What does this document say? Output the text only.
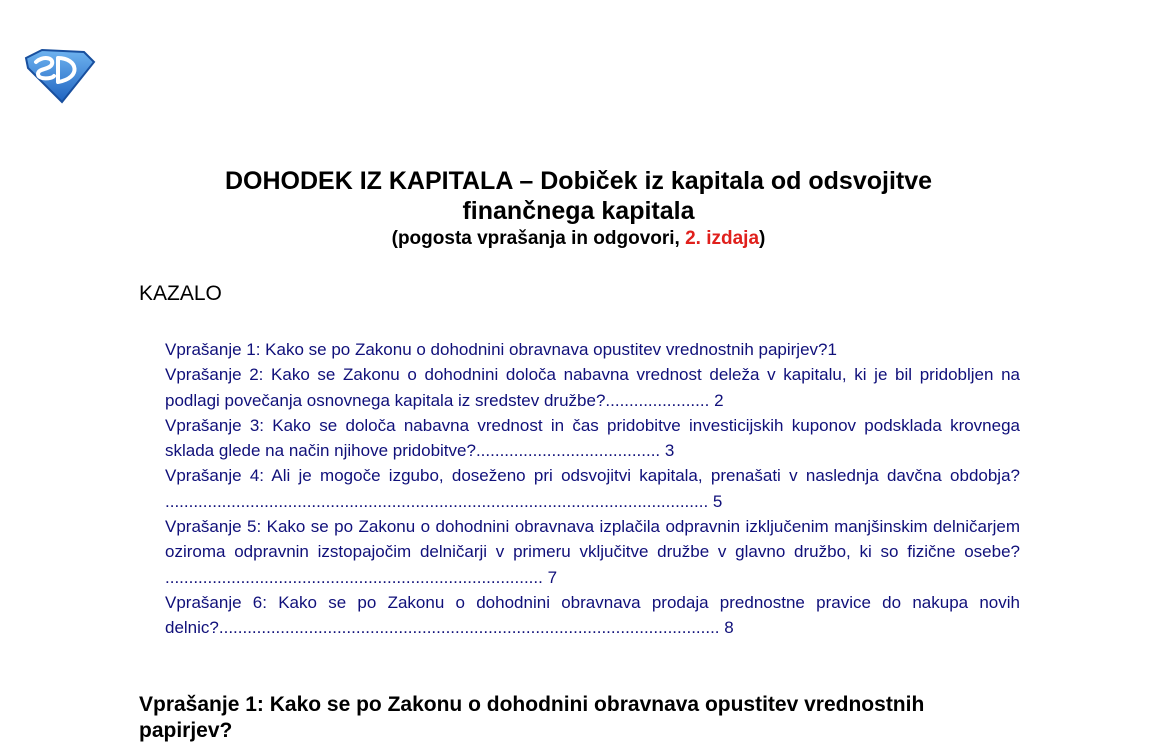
DOHODEK IZ KAPITALA – Dobiček iz kapitala od odsvojitve finančnega kapitala
(pogosta vprašanja in odgovori, 2. izdaja)
KAZALO
Vprašanje 1: Kako se po Zakonu o dohodnini obravnava opustitev vrednostnih papirjev?1
Vprašanje 2: Kako se Zakonu o dohodnini določa nabavna vrednost deleža v kapitalu, ki je bil pridobljen na podlagi povečanja osnovnega kapitala iz sredstev družbe?...................... 2
Vprašanje 3: Kako se določa nabavna vrednost in čas pridobitve investicijskih kuponov podsklada krovnega sklada glede na način njihove pridobitve?....................................... 3
Vprašanje 4: Ali je mogoče izgubo, doseženo pri odsvojitvi kapitala, prenašati v naslednja davčna obdobja? ................................................................................................................... 5
Vprašanje 5: Kako se po Zakonu o dohodnini obravnava izplačila odpravnin izključenim manjšinskim delničarjem oziroma odpravnin izstopajočim delničarji v primeru vključitve družbe v glavno družbo, ki so fizične osebe? ................................................................................ 7
Vprašanje 6: Kako se po Zakonu o dohodnini obravnava prodaja prednostne pravice do nakupa novih delnic?.......................................................................................................... 8
Vprašanje 1: Kako se po Zakonu o dohodnini obravnava opustitev vrednostnih papirjev?
